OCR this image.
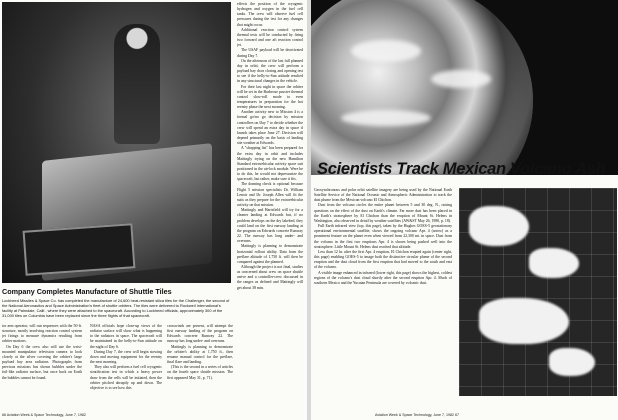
Company Completes Manufacture of Shuttle Tiles
Lockheed Missiles & Space Co. has completed the manufacture of 24,600 heat-resistant silica tiles for the Challenger, the second of the National Aeronautics and Space Administration's fleet of shuttle orbiters. The tiles were delivered to Rockwell International's facility at Palmdale, Calif., where they were attached to the spacecraft. According to Lockheed officials, approximately 300 of the 31,000 tiles on Columbia have been replaced since the three flights of that spacecraft.

effects the position of the cryogenic hydrogen and oxygen in the fuel cell tanks. The crew will observe fuel cell pressures during the test for any changes that might occur.

Additional reaction control system thermal tests will be conducted by firing two forward and one aft reaction control jet.

The USAF payload will be deactivated during Day 7.

On the afternoon of the last full planned day in orbit, the crew will perform a payload bay door closing and opening test to see if the belly-to-Sun attitude resulted in any structural changes in the vehicle.

For their last night in space the orbiter will be set in the Barbecue passive thermal control slow-roll mode to even temperatures in preparation for the hot reentry phase the next morning.

Another activity new to Mission 4 is a formal go/no go decision by mission controllers on Day 7 to decide whether the crew will spend an extra day in space if launch takes place June 27. Decision will depend primarily on the basis of landing site weather at Edwards.

A "shopping list" has been prepared for the extra day in orbit and includes Mattingly trying on the new Hamilton Standard extravehicular activity space suit positioned in the air-lock module. Were he to do this, he would not depressurize the spacecraft, but rather, make sure it fits.

The donning check is optional because Flight 5 mission specialists Dr. William Lenoir and Dr. Joseph Allen will fit the suits as they prepare for the extravehicular activity on that mission.

Mattingly and Hartsfield will try for a cleaner landing at Edwards but, if no problem develops on the dry lakebed, they could land on the first runway landing at the program on Edwards concrete Runway 22. The runway has long under- and overruns.

Mattingly is planning to demonstrate horizontal rollout ability. Data from the preflare altitude of 1,750 ft. will then be compared against the planned.

Although the project is not final, studies as concerned about crew on space shuttle arrive and a controller-crew discussed in the ranges as defined and Mattingly will get about 38 min.

tor arm operator, will run sequences with the 50-ft. structure, mostly involving reaction control system jet firings to measure dynamics resulting from orbiter motions.

On Day 6 the crew also will use the wrist-mounted manipulator television camera to look closely at the silver covering the orbiter's large payload bay area radiators. Photographs from previous missions has shown bubbles under the foil-like radiator surface, but once back on Earth the bubbles cannot be found.

NASA officials hope close-up views of the radiator surface will show what is happening to the radiators in space. The spacecraft will be maintained in the belly-to-Sun attitude on the night of Day 6.

During Day 7, the crew will begin stowing down and moving equipment for the reentry the next morning.

They also will perform a fuel cell cryogenic stratification test in which a heavy power draw from the cells will be initiated, then the orbiter pitched abruptly up and down. The objective is to see how this

crosswinds are present, will attempt the first runway landing of the program on Edwards concrete Runway 22. The runway has long under- and overruns.

Mattingly is planning to demonstrate the orbiter's ability at 1,750 ft., then resume manual control for the preflare, final flare and landing.

(This is the second in a series of articles on the fourth space shuttle mission. The first appeared May 31, p. 71).

66 Aviation Week & Space Technology, June 7, 1982
Scientists Track Mexican Volcano Ash

Geosynchronous and polar orbit satellite imagery are being used by the National Earth Satellite Service of the National Oceanic and Atmospheric Administration to track the dust plume from the Mexican volcano El Chichon.

Dust from the volcano circles the entire planet between 5 and 30 deg. N., raising questions on the effect of the dust on Earth's climate. Far more dust has been placed in the Earth's stratosphere by El Chichon than the eruption of Mount St. Helens in Washington, also observed in detail by weather satellites (AW&ST May 26, 1980, p. 18).

Full Earth infrared view (top, this page), taken by the Hughes GOES-5 geostationary operational environmental satellite, shows the ongoing volcano Apr. 4 (arrow) as a prominent feature on the planet even when viewed from 22,300 mi. in space. Dust from the volcano in the first two eruptions Apr. 4 is shown being pushed well into the stratosphere. Little Mount St. Helens dust reached that altitude.

Less than 12 hr. after the first Apr. 4 eruption, El Chichon erupted again (center right, this page) enabling GOES-5 to image both the distinctive circular plume of the second eruption and the dust cloud from the first eruption that had moved to the south and east of the volcano.

A visible image enhanced in infrared (lower right, this page) shows the highest, coldest regions of the volcano's dust cloud shortly after the second eruption Apr. 4. Much of southern Mexico and the Yucatan Peninsula are covered by volcanic dust.

Aviation Week & Space Technology, June 7, 1982 67
